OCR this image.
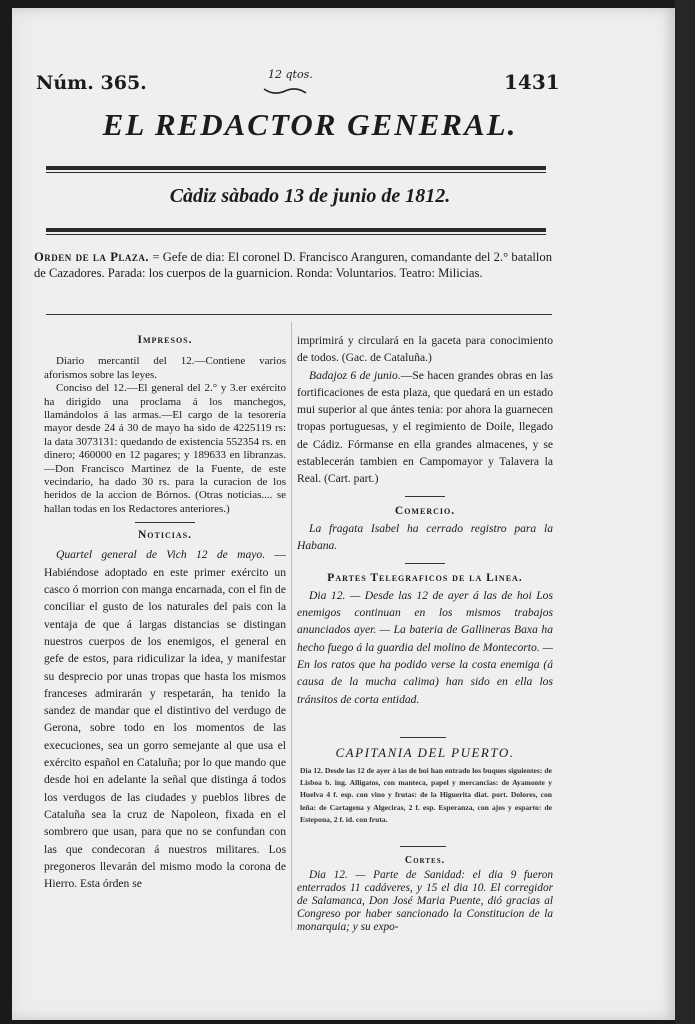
Núm. 365.	12 qtos.	1431
EL REDACTOR GENERAL.
Càdiz sàbado 13 de junio de 1812.
Orden de la Plaza. = Gefe de dia: El coronel D. Francisco Aranguren, comandante del 2.° batallon de Cazadores. Parada: los cuerpos de la guarnicion. Ronda: Voluntarios. Teatro: Milicias.
Impresos.
Diario mercantil del 12.—Contiene varios aforismos sobre las leyes.
Conciso del 12.—El general del 2.° y 3.er exército ha dirigido una proclama á los manchegos, llamándolos á las armas.—El cargo de la tesorería mayor desde 24 á 30 de mayo ha sido de 4225119 rs: la data 3073131: quedando de existencia 552354 rs. en dinero; 460000 en 12 pagares; y 189633 en libranzas.—Don Francisco Martinez de la Fuente, de este vecindario, ha dado 30 rs. para la curacion de los heridos de la accion de Bórnos. (Otras noticias.... se hallan todas en los Redactores anteriores.)
Noticias.
Quartel general de Vich 12 de mayo. — Habiéndose adoptado en este primer exército un casco ó morrion con manga encarnada, con el fin de conciliar el gusto de los naturales del pais con la ventaja de que á largas distancias se distingan nuestros cuerpos de los enemigos, el general en gefe de estos, para ridiculizar la idea, y manifestar su desprecio por unas tropas que hasta los mismos franceses admirarán y respetarán, ha tenido la sandez de mandar que el distintivo del verdugo de Gerona, sobre todo en los momentos de las execuciones, sea un gorro semejante al que usa el exército español en Cataluña; por lo que mando que desde hoi en adelante la señal que distinga á todos los verdugos de las ciudades y pueblos libres de Cataluña sea la cruz de Napoleon, fixada en el sombrero que usan, para que no se confundan con las que condecoran á nuestros militares. Los pregoneros llevarán del mismo modo la corona de Hierro. Esta órden se
imprimirá y circulará en la gaceta para conocimiento de todos. (Gac. de Cataluña.)
Badajoz 6 de junio.—Se hacen grandes obras en las fortificaciones de esta plaza, que quedará en un estado mui superior al que ántes tenia: por ahora la guarnecen tropas portuguesas, y el regimiento de Doile, llegado de Cádiz. Fórmanse en ella grandes almacenes, y se establecerán tambien en Campomayor y Talavera la Real. (Cart. part.)
Comercio.
La fragata Isabel ha cerrado registro para la Habana.
Partes Telegraficos de la Linea.
Dia 12. — Desde las 12 de ayer á las de hoi Los enemigos continuan en los mismos trabajos anunciados ayer. — La bateria de Gallineras Baxa ha hecho fuego á la guardia del molino de Montecorto. — En los ratos que ha podido verse la costa enemiga (á causa de la mucha calima) han sido en ella los tránsitos de corta entidad.
CAPITANIA DEL PUERTO.
Dia 12. Desde las 12 de ayer á las de hoi han entrado los buques siguientes: de Lisboa b. ing. Alligatos, con manteca, papel y mercancias: de Ayamonte y Huelva 4 f. esp. con vino y frutas: de la Higuerita diat. port. Dolores, con leña: de Cartagena y Algeciras, 2 f. esp. Esperanza, con ajos y esparto: de Estepona, 2 f. id. con fruta.
Cortes.
Dia 12. — Parte de Sanidad: el dia 9 fueron enterrados 11 cadáveres, y 15 el dia 10. El corregidor de Salamanca, Don José Maria Puente, dió gracias al Congreso por haber sancionado la Constitucion de la monarquia; y su expo-
